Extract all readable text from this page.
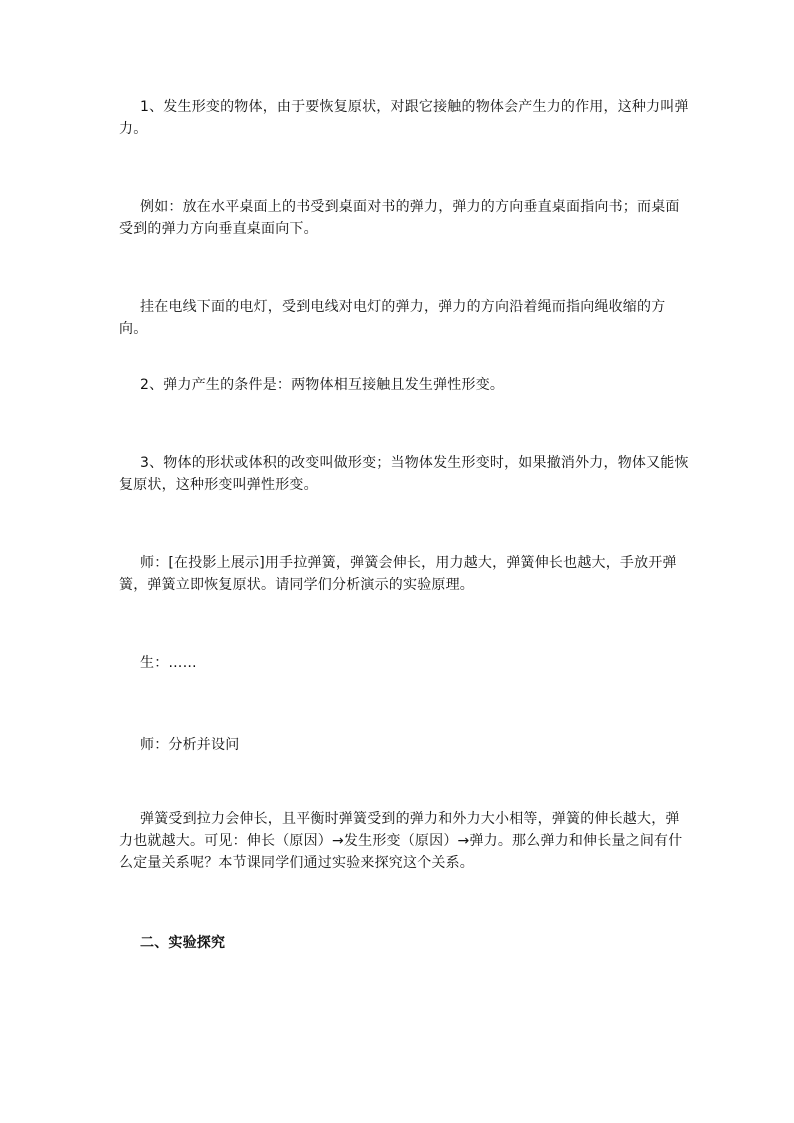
1、发生形变的物体，由于要恢复原状，对跟它接触的物体会产生力的作用，这种力叫弹力。

例如：放在水平桌面上的书受到桌面对书的弹力，弹力的方向垂直桌面指向书；而桌面受到的弹力方向垂直桌面向下。

挂在电线下面的电灯，受到电线对电灯的弹力，弹力的方向沿着绳而指向绳收缩的方向。

2、弹力产生的条件是：两物体相互接触且发生弹性形变。

3、物体的形状或体积的改变叫做形变；当物体发生形变时，如果撤消外力，物体又能恢复原状，这种形变叫弹性形变。

师：[在投影上展示]用手拉弹簧，弹簧会伸长，用力越大，弹簧伸长也越大，手放开弹簧，弹簧立即恢复原状。请同学们分析演示的实验原理。

生：……

师：分析并设问

弹簧受到拉力会伸长，且平衡时弹簧受到的弹力和外力大小相等，弹簧的伸长越大，弹力也就越大。可见：伸长（原因）→发生形变（原因）→弹力。那么弹力和伸长量之间有什么定量关系呢？本节课同学们通过实验来探究这个关系。

二、实验探究
